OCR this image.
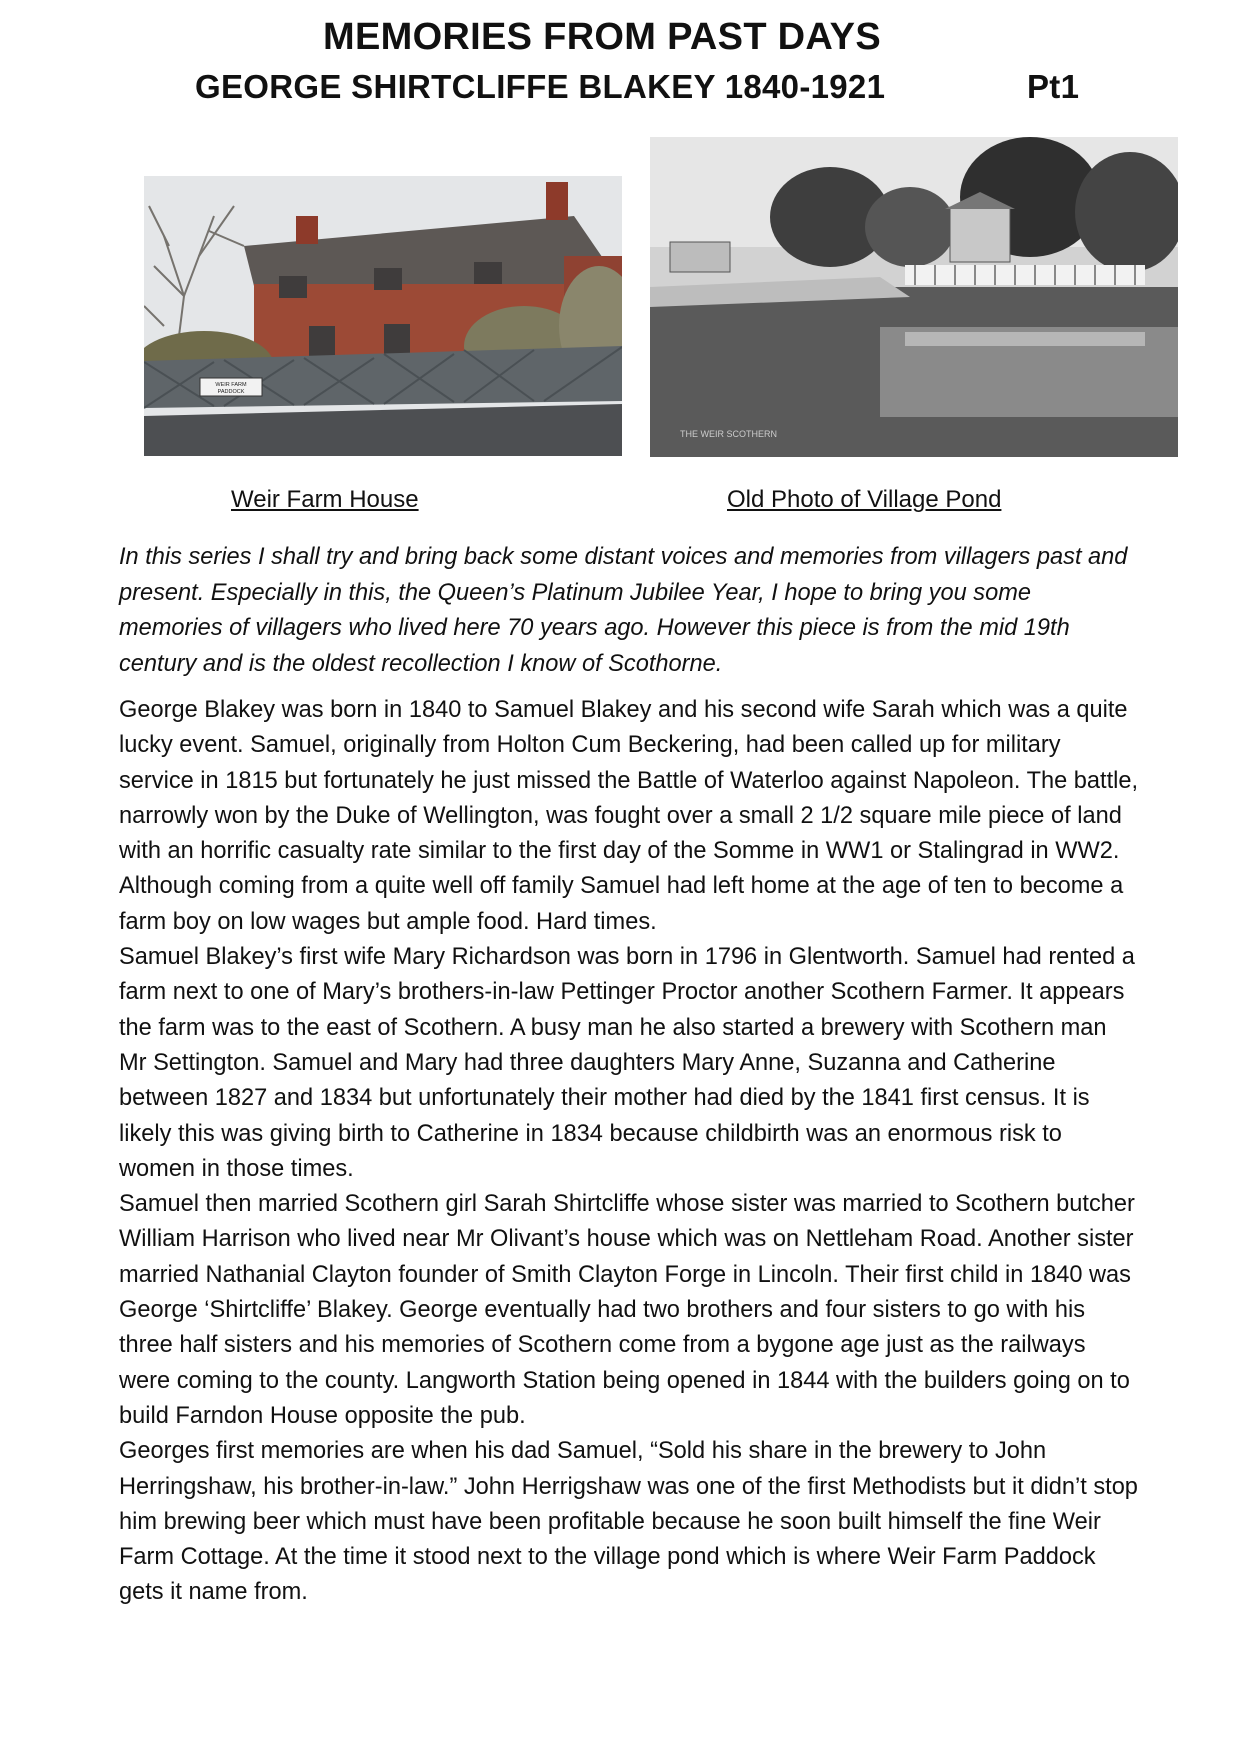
MEMORIES FROM PAST DAYS
GEORGE SHIRTCLIFFE BLAKEY 1840-1921	Pt1
WEIR FARM
PADDOCK
THE WEIR SCOTHERN

Weir Farm House	Old Photo of Village Pond

In this series I shall try and bring back some distant voices and memories from villagers past and present. Especially in this, the Queen’s Platinum Jubilee Year, I hope to bring you some memories of villagers who lived here 70 years ago. However this piece is from the mid 19th century and is the oldest recollection I know of Scothorne.

George Blakey was born in 1840 to Samuel Blakey and his second wife Sarah which was a quite lucky event. Samuel, originally from Holton Cum Beckering, had been called up for military service in 1815 but fortunately he just missed the Battle of Waterloo against Napoleon. The battle, narrowly won by the Duke of Wellington, was fought over a small 2 1/2 square mile piece of land with an horrific casualty rate similar to the first day of the Somme in WW1 or Stalingrad in WW2. Although coming from a quite well off family Samuel had left home at the age of ten to become a farm boy on low wages but ample food. Hard times.

Samuel Blakey’s first wife Mary Richardson was born in 1796 in Glentworth. Samuel had rented a farm next to one of Mary’s brothers-in-law Pettinger Proctor another Scothern Farmer. It appears the farm was to the east of Scothern. A busy man he also started a brewery with Scothern man Mr Settington. Samuel and Mary had three daughters Mary Anne, Suzanna and Catherine between 1827 and 1834 but unfortunately their mother had died by the 1841 first census. It is likely this was giving birth to Catherine in 1834 because childbirth was an enormous risk to women in those times.

Samuel then married Scothern girl Sarah Shirtcliffe whose sister was married to Scothern butcher William Harrison who lived near Mr Olivant’s house which was on Nettleham Road. Another sister married Nathanial Clayton founder of Smith Clayton Forge in Lincoln. Their first child in 1840 was George ‘Shirtcliffe’ Blakey. George eventually had two brothers and four sisters to go with his three half sisters and his memories of Scothern come from a bygone age just as the railways were coming to the county. Langworth Station being opened in 1844 with the builders going on to build Farndon House opposite the pub.

Georges first memories are when his dad Samuel, “Sold his share in the brewery to John Herringshaw, his brother-in-law.” John Herrigshaw was one of the first Methodists but it didn’t stop him brewing beer which must have been profitable because he soon built himself the fine Weir Farm Cottage. At the time it stood next to the village pond which is where Weir Farm Paddock gets it name from.
